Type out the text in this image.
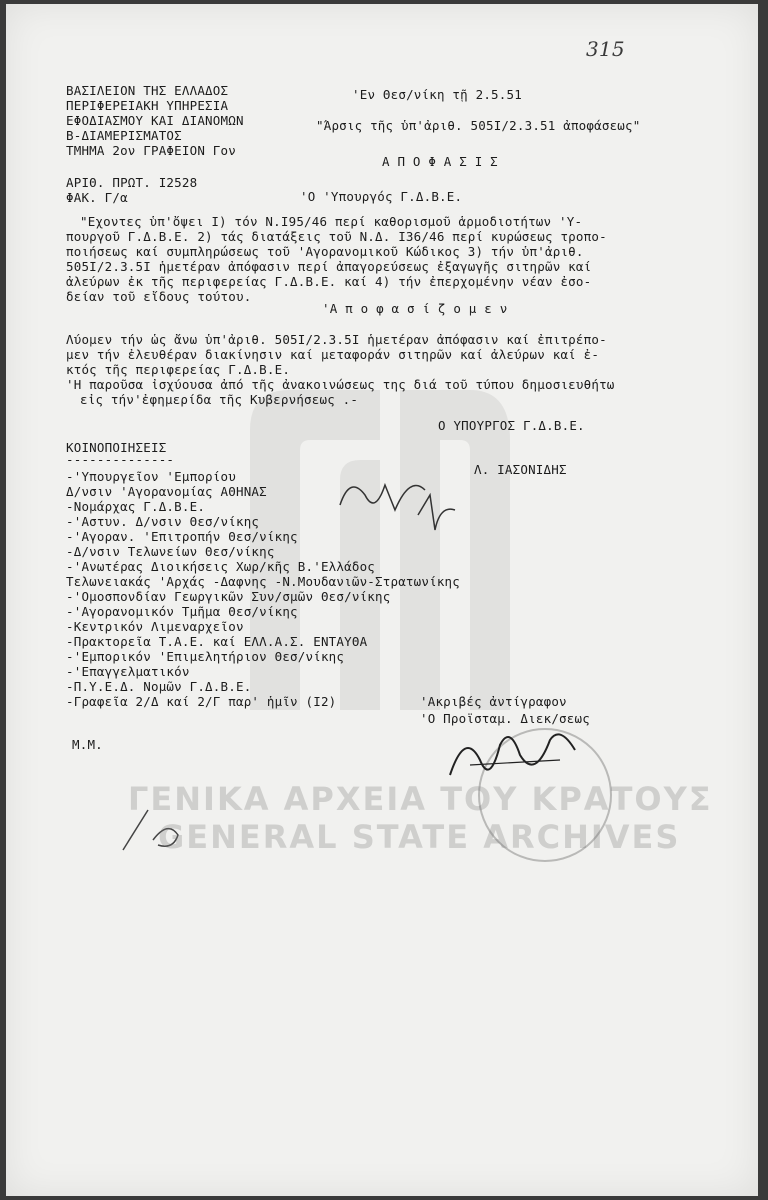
ΒΑΣΙΛΕΙΟΝ ΤΗΣ ΕΛΛΑΔΟΣ
ΠΕΡΙΦΕΡΕΙΑΚΗ ΥΠΗΡΕΣΙΑ
ΕΦΟΔΙΑΣΜΟΥ ΚΑΙ ΔΙΑΝΟΜΩΝ
Β-ΔΙΑΜΕΡΙΣΜΑΤΟΣ
ΤΜΗΜΑ 2ον ΓΡΑΦΕΙΟΝ Γον
315
'Εν Θεσ/νίκη τῇ 2.5.51
"Άρσις τῆς ὑπ'ἀριθ. 505Ι/2.3.51 ἀποφάσεως"
Α Π Ο Φ Α Σ Ι Σ
ΑΡΙΘ. ΠΡΩΤ. Ι2528
ΦΑΚ. Γ/α	'Ο 'Υπουργός Γ.Δ.Β.Ε.
"Εχοντες ὑπ'ὄψει Ι) τόν Ν.Ι95/46 περί καθορισμοῦ ἁρμοδιοτήτων 'Υ-
πουργοῦ Γ.Δ.Β.Ε. 2) τάς διατάξεις τοῦ Ν.Δ. Ι36/46 περί κυρώσεως τροπο-
ποιήσεως καί συμπληρώσεως τοῦ 'Αγορανομικοῦ Κώδικος 3) τήν ὑπ'ἀριθ.
505Ι/2.3.5Ι ἡμετέραν ἀπόφασιν περί ἀπαγορεύσεως ἐξαγωγῆς σιτηρῶν καί
ἀλεύρων ἐκ τῆς περιφερείας Γ.Δ.Β.Ε. καί 4) τήν ἐπερχομένην νέαν ἐσο-
δείαν τοῦ εἴδους τούτου.
'Α π ο φ α σ ί ζ ο μ ε ν
Λύομεν τήν ὡς ἄνω ὑπ'ἀριθ. 505Ι/2.3.5Ι ἡμετέραν ἀπόφασιν καί ἐπιτρέπο-
μεν τήν ἐλευθέραν διακίνησιν καί μεταφοράν σιτηρῶν καί ἀλεύρων καί ἐ-
κτός τῆς περιφερείας Γ.Δ.Β.Ε.
'Η παροῦσα ἰσχύουσα ἀπό τῆς ἀνακοινώσεως της διά τοῦ τύπου δημοσιευθήτω
εἰς τήν'ἐφημερίδα τῆς Κυβερνήσεως .-
Ο ΥΠΟΥΡΓΟΣ Γ.Δ.Β.Ε.
ΚΟΙΝΟΠΟΙΗΣΕΙΣ
--------------
Λ. ΙΑΣΟΝΙΔΗΣ
-'Υπουργεῖον 'Εμπορίου
Δ/νσιν 'Αγορανομίας ΑΘΗΝΑΣ
-Νομάρχας Γ.Δ.Β.Ε.
-'Αστυν. Δ/νσιν Θεσ/νίκης
-'Αγοραν. 'Επιτροπήν Θεσ/νίκης
-Δ/νσιν Τελωνείων Θεσ/νίκης
-'Ανωτέρας Διοικήσεις Χωρ/κῆς Β.'Ελλάδος
Τελωνειακάς 'Αρχάς -Δαφνης -Ν.Μουδανιῶν-Στρατωνίκης
-'Ομοσπονδίαν Γεωργικῶν Συν/σμῶν Θεσ/νίκης
-'Αγορανομικόν Τμῆμα Θεσ/νίκης
-Κεντρικόν Λιμεναρχεῖον
-Πρακτορεῖα Τ.Α.Ε. καί ΕΛΛ.Α.Σ. ΕΝΤΑΥΘΑ
-'Εμπορικόν 'Επιμελητήριον Θεσ/νίκης
-'Επαγγελματικόν
-Π.Υ.Ε.Δ. Νομῶν Γ.Δ.Β.Ε.
-Γραφεῖα 2/Δ καί 2/Γ παρ' ἡμῖν (Ι2)	'Ακριβές ἀντίγραφον
'Ο Προϊσταμ. Διεκ/σεως
Μ.Μ.
ΓΕΝΙΚΑ ΑΡΧΕΙΑ ΤΟΥ ΚΡΑΤΟΥΣ
GENERAL STATE ARCHIVES
